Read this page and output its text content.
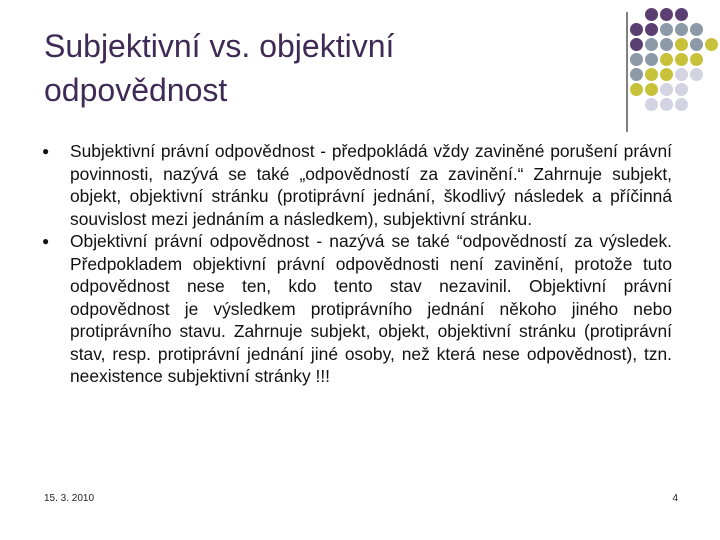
Subjektivní vs. objektivní
odpovědnost
● Subjektivní právní odpovědnost - předpokládá vždy zaviněné porušení právní povinnosti, nazývá se také „odpovědností za zavinění.“ Zahrnuje subjekt, objekt, objektivní stránku (protiprávní jednání, škodlivý následek a příčinná souvislost mezi jednáním a následkem), subjektivní stránku.
● Objektivní právní odpovědnost - nazývá se také “odpovědností za výsledek. Předpokladem objektivní právní odpovědnosti není zavinění, protože tuto odpovědnost nese ten, kdo tento stav nezavinil. Objektivní právní odpovědnost je výsledkem protiprávního jednání někoho jiného nebo protiprávního stavu. Zahrnuje subjekt, objekt, objektivní stránku (protiprávní stav, resp. protiprávní jednání jiné osoby, než která nese odpovědnost), tzn. neexistence subjektivní stránky !!!
15. 3. 2010	4
